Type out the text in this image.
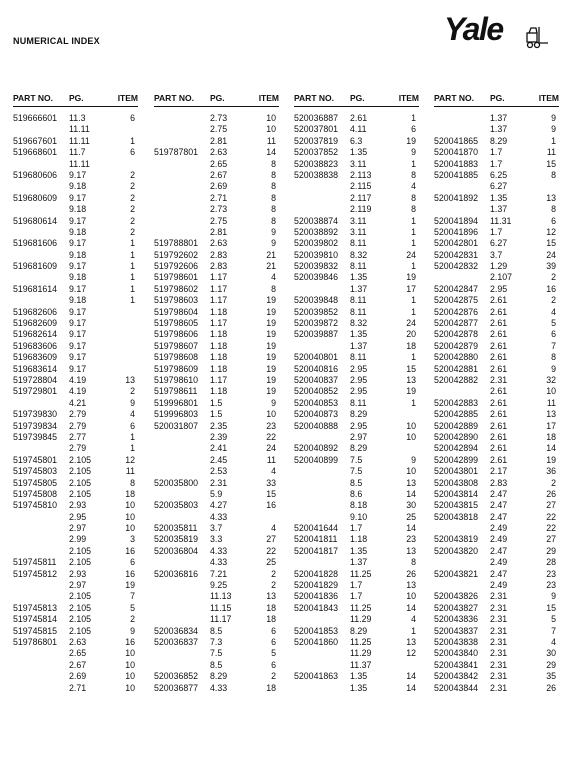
NUMERICAL INDEX	Yale
PART NO. PG.	ITEM
519666601 11.3	6
11.11
519667601 11.11	1
519668601 11.7	6
11.11
519680606 9.17	2
9.18	2
519680609 9.17	2
9.18	2
519680614 9.17	2
9.18	2
519681606 9.17	1
9.18	1
519681609 9.17	1
9.18	1
519681614 9.17	1
9.18	1
519682606 9.17
519682609 9.17
519682614 9.17
519683606 9.17
519683609 9.17
519683614 9.17
519728804 4.19	13
519729801 4.19	2
4.21	9
519739830 2.79	4
519739834 2.79	6
519739845 2.77	1
2.79	1
519745801 2.105	12
519745803 2.105	11
519745805 2.105	8
519745808 2.105	18
519745810 2.93	10
2.95	10
2.97	10
2.99	3
2.105	16
519745811 2.105	6
519745812 2.93	16
2.97	19
2.105	7
519745813 2.105	5
519745814 2.105	2
519745815 2.105	9
519786801 2.63	16
2.65	10
2.67	10
2.69	10
2.71	10
PART NO. PG.	ITEM
2.73	10
2.75	10
2.81	11
519787801 2.63	14
2.65	8
2.67	8
2.69	8
2.71	8
2.73	8
2.75	8
2.81	9
519788801 2.63	9
519792602 2.83	21
519792606 2.83	21
519798601 1.17	4
519798602 1.17	8
519798603 1.17	19
519798604 1.18	19
519798605 1.17	19
519798606 1.18	19
519798607 1.18	19
519798608 1.18	19
519798609 1.18	19
519798610 1.17	19
519798611 1.18	19
519996801 1.5	9
519996803 1.5	10
520031807 2.35	23
2.39	22
2.41	24
2.45	11
2.53	4
520035800 2.31	33
5.9	15
520035803 4.27	16
4.33
520035811 3.7	4
520035819 3.3	27
520036804 4.33	22
4.33	25
520036816 7.21	2
9.25	2
11.13	13
11.15	18
11.17	18
520036834 8.5	6
520036837 7.3	6
7.5	5
8.5	6
520036852 8.29	2
520036877 4.33	18
PART NO. PG.	ITEM
520036887 2.61	1
520037801 4.11	6
520037819 6.3	19
520037852 1.35	9
520038823 3.11	1
520038838 2.113	8
2.115	4
2.117	8
2.119	8
520038874 3.11	1
520038892 3.11	1
520039802 8.11	1
520039810 8.32	24
520039832 8.11	1
520039846 1.35	19
1.37	17
520039848 8.11	1
520039852 8.11	1
520039872 8.32	24
520039887 1.35	20
1.37	18
520040801 8.11	1
520040816 2.95	15
520040837 2.95	13
520040852 2.95	19
520040853 8.11	1
520040873 8.29
520040888 2.95	10
2.97	10
520040892 8.29
520040899 7.5	9
7.5	10
8.5	13
8.6	14
8.18	30
9.10	25
520041644 1.7	14
520041811 1.18	23
520041817 1.35	13
1.37	8
520041828 11.25	26
520041829 1.7	13
520041836 1.7	10
520041843 11.25	14
11.29	4
520041853 8.29	1
520041860 11.25	13
11.29	12
11.37
520041863 1.35	14
1.35	14
PART NO. PG.	ITEM
1.37	9
1.37	9
520041865 8.29	1
520041870 1.7	11
520041883 1.7	15
520041885 6.25	8
6.27
520041892 1.35	13
1.37	8
520041894 11.31	6
520041896 1.7	12
520042801 6.27	15
520042831 3.7	24
520042832 1.29	39
2.107	2
520042847 2.95	16
520042875 2.61	2
520042876 2.61	4
520042877 2.61	5
520042878 2.61	6
520042879 2.61	7
520042880 2.61	8
520042881 2.61	9
520042882 2.31	32
2.61	10
520042883 2.61	11
520042885 2.61	13
520042889 2.61	17
520042890 2.61	18
520042894 2.61	14
520042899 2.61	19
520043801 2.17	36
520043808 2.83	2
520043814 2.47	26
520043815 2.47	27
520043818 2.47	22
2.49	22
520043819 2.49	27
520043820 2.47	29
2.49	28
520043821 2.47	23
2.49	23
520043826 2.31	9
520043827 2.31	15
520043836 2.31	5
520043837 2.31	7
520043838 2.31	4
520043840 2.31	30
520043841 2.31	29
520043842 2.31	35
520043844 2.31	26
